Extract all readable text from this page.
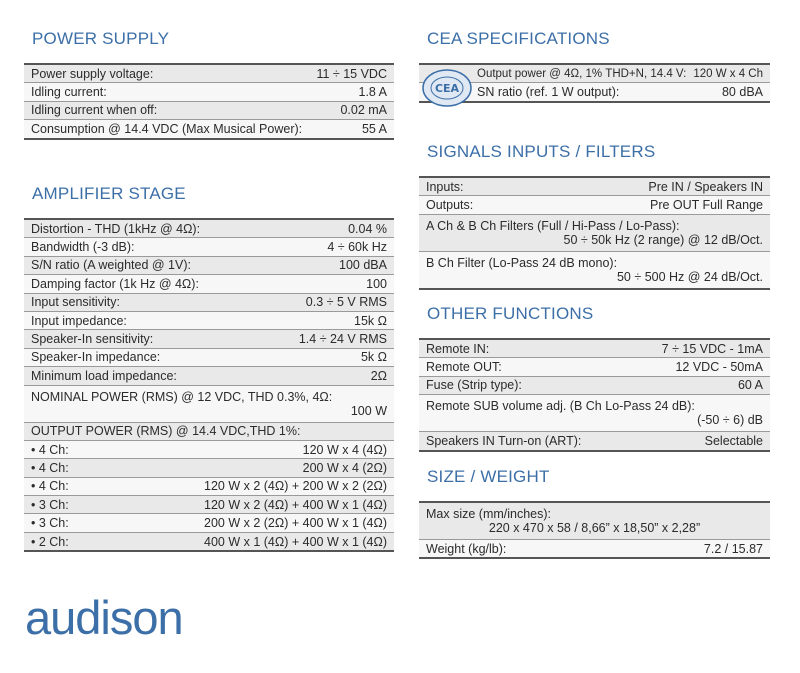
POWER SUPPLY
Power supply voltage:	11 ÷ 15 VDC
Idling current:	1.8 A
Idling current when off:	0.02 mA
Consumption @ 14.4 VDC (Max Musical Power):	55 A
AMPLIFIER STAGE
Distortion - THD (1kHz @ 4Ω):	0.04 %
Bandwidth (-3 dB):	4 ÷ 60k Hz
S/N ratio (A weighted @ 1V):	100 dBA
Damping factor (1k Hz @ 4Ω):	100
Input sensitivity:	0.3 ÷ 5 V RMS
Input impedance:	15k Ω
Speaker-In sensitivity:	1.4 ÷ 24 V RMS
Speaker-In impedance:	5k Ω
Minimum load impedance:	2Ω
NOMINAL POWER (RMS) @ 12 VDC, THD 0.3%, 4Ω:
100 W
OUTPUT POWER (RMS) @ 14.4 VDC,THD 1%:
• 4 Ch:	120 W x 4 (4Ω)
• 4 Ch:	200 W x 4 (2Ω)
• 4 Ch:	120 W x 2 (4Ω) + 200 W x 2 (2Ω)
• 3 Ch:	120 W x 2 (4Ω) + 400 W x 1 (4Ω)
• 3 Ch:	200 W x 2 (2Ω) + 400 W x 1 (4Ω)
• 2 Ch:	400 W x 1 (4Ω) + 400 W x 1 (4Ω)
CEA SPECIFICATIONS
CEA
Output power @ 4Ω, 1% THD+N, 14.4 V: 120 W x 4 Ch
SN ratio (ref. 1 W output):	80 dBA
SIGNALS INPUTS / FILTERS
Inputs:	Pre IN / Speakers IN
Outputs:	Pre OUT Full Range
A Ch & B Ch Filters (Full / Hi-Pass / Lo-Pass):
50 ÷ 50k Hz (2 range) @ 12 dB/Oct.
B Ch Filter (Lo-Pass 24 dB mono):
50 ÷ 500 Hz @ 24 dB/Oct.
OTHER FUNCTIONS
Remote IN:	7 ÷ 15 VDC - 1mA
Remote OUT:	12 VDC - 50mA
Fuse (Strip type):	60 A
Remote SUB volume adj. (B Ch Lo-Pass 24 dB):
(-50 ÷ 6) dB
Speakers IN Turn-on (ART):	Selectable
SIZE / WEIGHT
Max size (mm/inches):
220 x 470 x 58 / 8,66” x 18,50” x 2,28”
Weight (kg/lb):	7.2 / 15.87
audison
